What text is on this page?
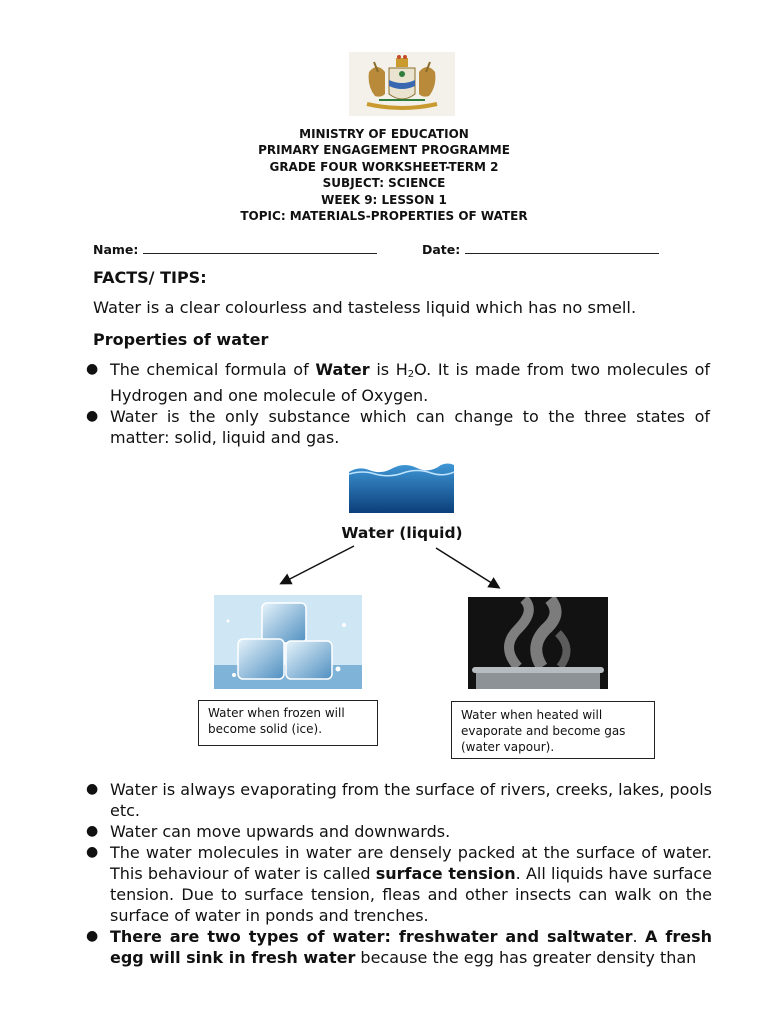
MINISTRY OF EDUCATION
PRIMARY ENGAGEMENT PROGRAMME
GRADE FOUR WORKSHEET-TERM 2
SUBJECT: SCIENCE
WEEK 9: LESSON 1
TOPIC: MATERIALS-PROPERTIES OF WATER
Name:	Date:
FACTS/ TIPS:
Water is a clear colourless and tasteless liquid which has no smell.
Properties of water
● The chemical formula of Water is $H_2O$. It is made from two molecules of Hydrogen and one molecule of Oxygen.
● Water is the only substance which can change to the three states of matter: solid, liquid and gas.
Water (liquid)
Water when frozen will become solid (ice).
Water when heated will evaporate and become gas (water vapour).
● Water is always evaporating from the surface of rivers, creeks, lakes, pools etc.
● Water can move upwards and downwards.
● The water molecules in water are densely packed at the surface of water. This behaviour of water is called surface tension. All liquids have surface tension. Due to surface tension, fleas and other insects can walk on the surface of water in ponds and trenches.
● There are two types of water: freshwater and saltwater. A fresh egg will sink in fresh water because the egg has greater density than
